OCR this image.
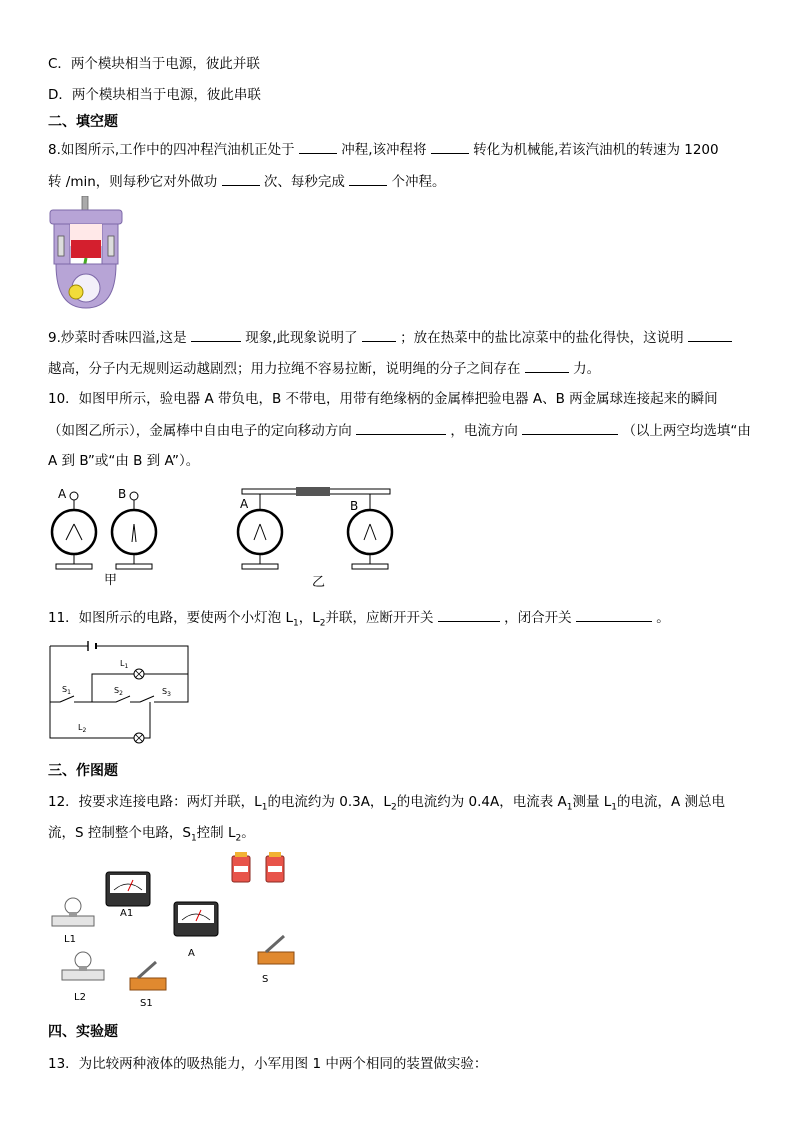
C．两个模块相当于电源，彼此并联
D．两个模块相当于电源，彼此串联
二、填空题
8.如图所示,工作中的四冲程汽油机正处于	冲程,该冲程将	转化为机械能,若该汽油机的转速为 1200
转 /min，则每秒它对外做功	次、每秒完成	个冲程。
9.炒菜时香味四溢,这是	现象,此现象说明了	；放在热菜中的盐比凉菜中的盐化得快，这说明
越高，分子内无规则运动越剧烈；用力拉绳不容易拉断，说明绳的分子之间存在	力。
10．如图甲所示，验电器 A 带负电，B 不带电，用带有绝缘柄的金属棒把验电器 A、B 两金属球连接起来的瞬间
（如图乙所示），金属棒中自由电子的定向移动方向	，电流方向	（以上两空均选填“由
A 到 B”或“由 B 到 A”）。
A	B
甲
A	B
乙
11．如图所示的电路，要使两个小灯泡 $L_1$，$L_2$并联，应断开开关	，闭合开关	。
$L_1$
$L_2$
$S_1$	$S_2$	$S_3$
三、作图题
12．按要求连接电路：两灯并联，$L_1$的电流约为 0.3A，$L_2$的电流约为 0.4A，电流表 $A_1$测量 $L_1$的电流，A 测总电
流，S 控制整个电路，$S_1$控制 $L_2$。
A1
A
L1
L2
S1
S
四、实验题
13．为比较两种液体的吸热能力，小军用图 1 中两个相同的装置做实验：
